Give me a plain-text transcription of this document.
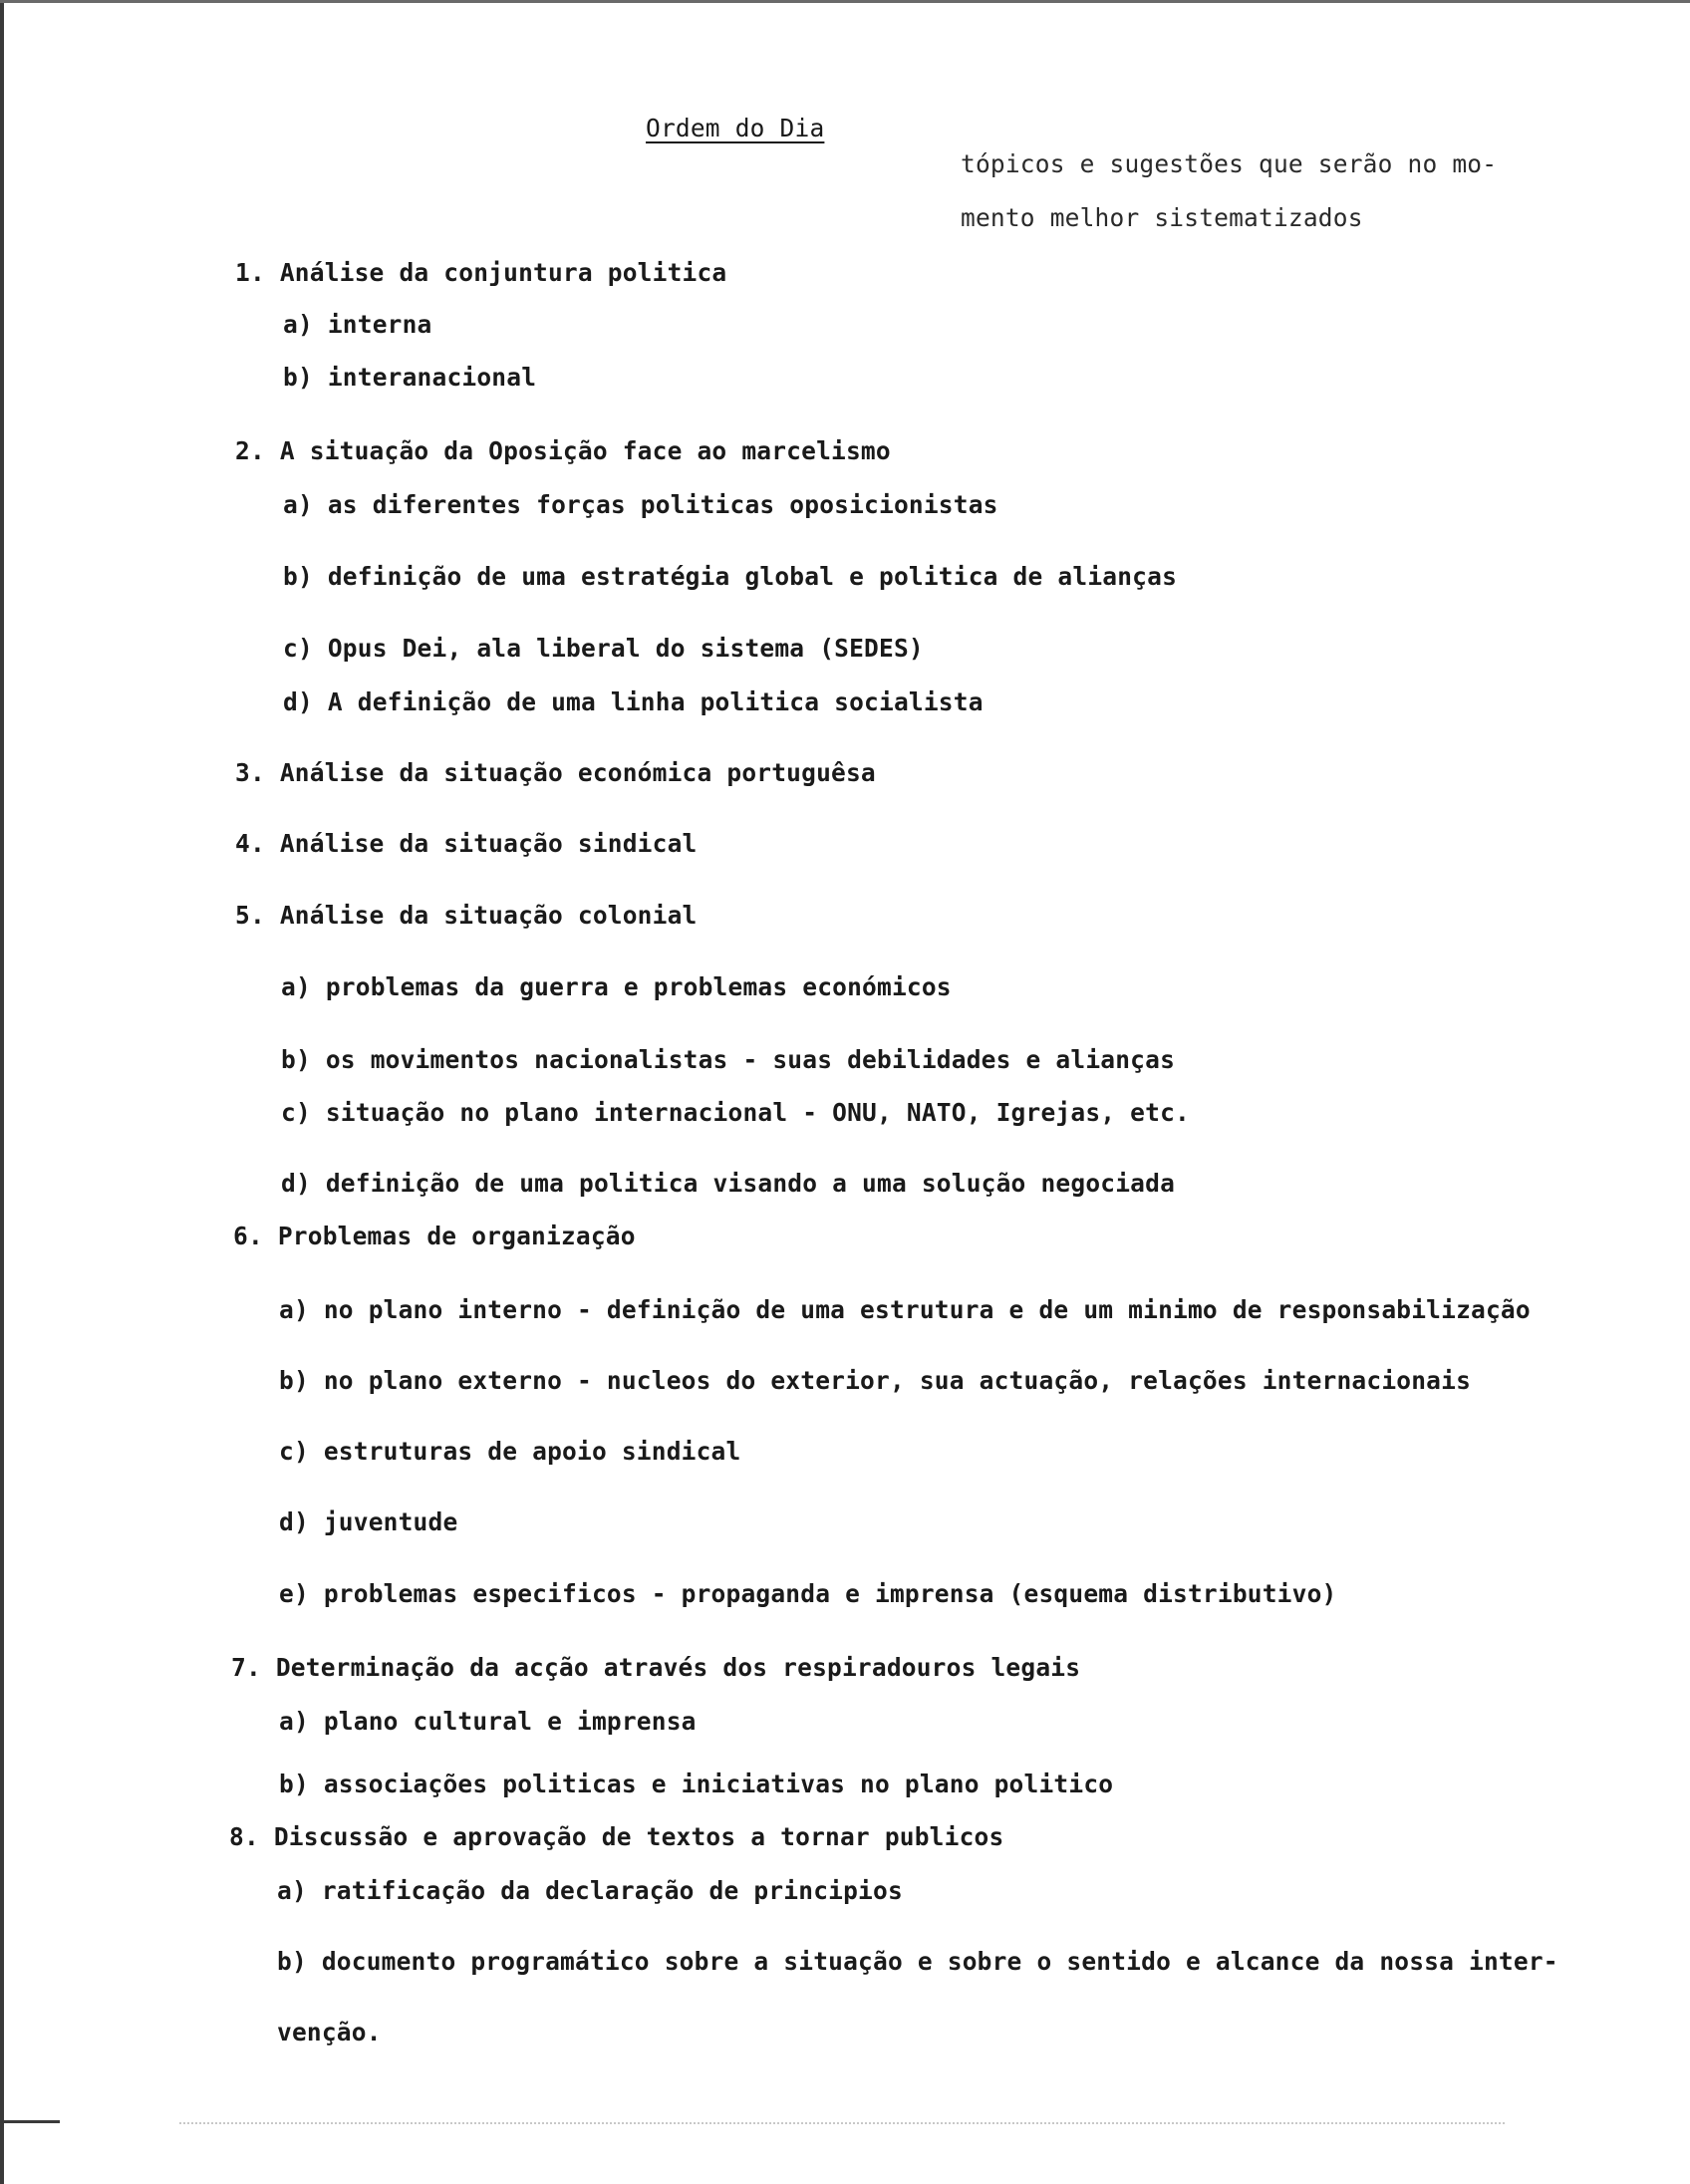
Ordem do Dia
tópicos e sugestões que serão no mo-
mento melhor sistematizados
1. Análise da conjuntura politica
a) interna
b) interanacional
2. A situação da Oposição face ao marcelismo
a) as diferentes forças politicas oposicionistas
b) definição de uma estratégia global e politica de alianças
c) Opus Dei, ala liberal do sistema (SEDES)
d) A definição de uma linha politica socialista
3. Análise da situação económica portuguêsa
4. Análise da situação sindical
5. Análise da situação colonial
a) problemas da guerra e problemas económicos
b) os movimentos nacionalistas - suas debilidades e alianças
c) situação no plano internacional - ONU, NATO, Igrejas, etc.
d) definição de uma politica visando a uma solução negociada
6. Problemas de organização
a) no plano interno - definição de uma estrutura e de um minimo de responsabilização
b) no plano externo - nucleos do exterior, sua actuação, relações internacionais
c) estruturas de apoio sindical
d) juventude
e) problemas especificos - propaganda e imprensa (esquema distributivo)
7. Determinação da acção através dos respiradouros legais
a) plano cultural e imprensa
b) associações politicas e iniciativas no plano politico
8. Discussão e aprovação de textos a tornar publicos
a) ratificação da declaração de principios
b) documento programático sobre a situação e sobre o sentido e alcance da nossa inter-
venção.
